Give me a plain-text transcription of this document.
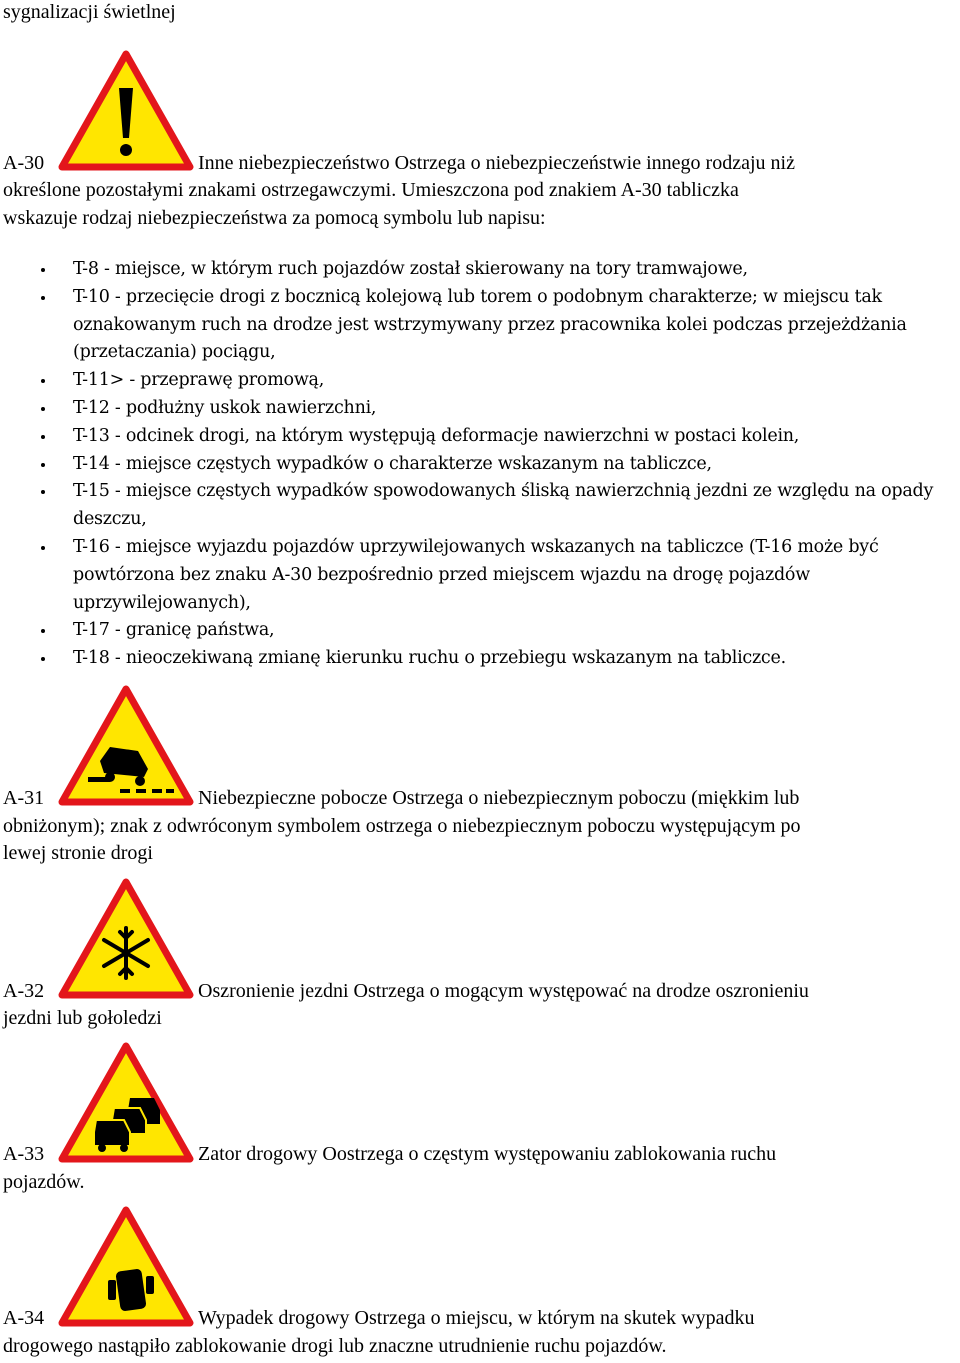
sygnalizacji świetlnej
A-30	Inne niebezpieczeństwo Ostrzega o niebezpieczeństwie innego rodzaju niż
określone pozostałymi znakami ostrzegawczymi. Umieszczona pod znakiem A-30 tabliczka
wskazuje rodzaj niebezpieczeństwa za pomocą symbolu lub napisu:
T-8 - miejsce, w którym ruch pojazdów został skierowany na tory tramwajowe,
T-10 - przecięcie drogi z bocznicą kolejową lub torem o podobnym charakterze; w miejscu tak oznakowanym ruch na drodze jest wstrzymywany przez pracownika kolei podczas przejeżdżania (przetaczania) pociągu,
T-11> - przeprawę promową,
T-12 - podłużny uskok nawierzchni,
T-13 - odcinek drogi, na którym występują deformacje nawierzchni w postaci kolein,
T-14 - miejsce częstych wypadków o charakterze wskazanym na tabliczce,
T-15 - miejsce częstych wypadków spowodowanych śliską nawierzchnią jezdni ze względu na opady deszczu,
T-16 - miejsce wyjazdu pojazdów uprzywilejowanych wskazanych na tabliczce (T-16 może być powtórzona bez znaku A-30 bezpośrednio przed miejscem wjazdu na drogę pojazdów uprzywilejowanych),
T-17 - granicę państwa,
T-18 - nieoczekiwaną zmianę kierunku ruchu o przebiegu wskazanym na tabliczce.
A-31	Niebezpieczne pobocze Ostrzega o niebezpiecznym poboczu (miękkim lub
obniżonym); znak z odwróconym symbolem ostrzega o niebezpiecznym poboczu występującym po
lewej stronie drogi
A-32	Oszronienie jezdni Ostrzega o mogącym występować na drodze oszronieniu
jezdni lub gołoledzi
A-33	Zator drogowy Oostrzega o częstym występowaniu zablokowania ruchu
pojazdów.
A-34	Wypadek drogowy Ostrzega o miejscu, w którym na skutek wypadku
drogowego nastąpiło zablokowanie drogi lub znaczne utrudnienie ruchu pojazdów.
